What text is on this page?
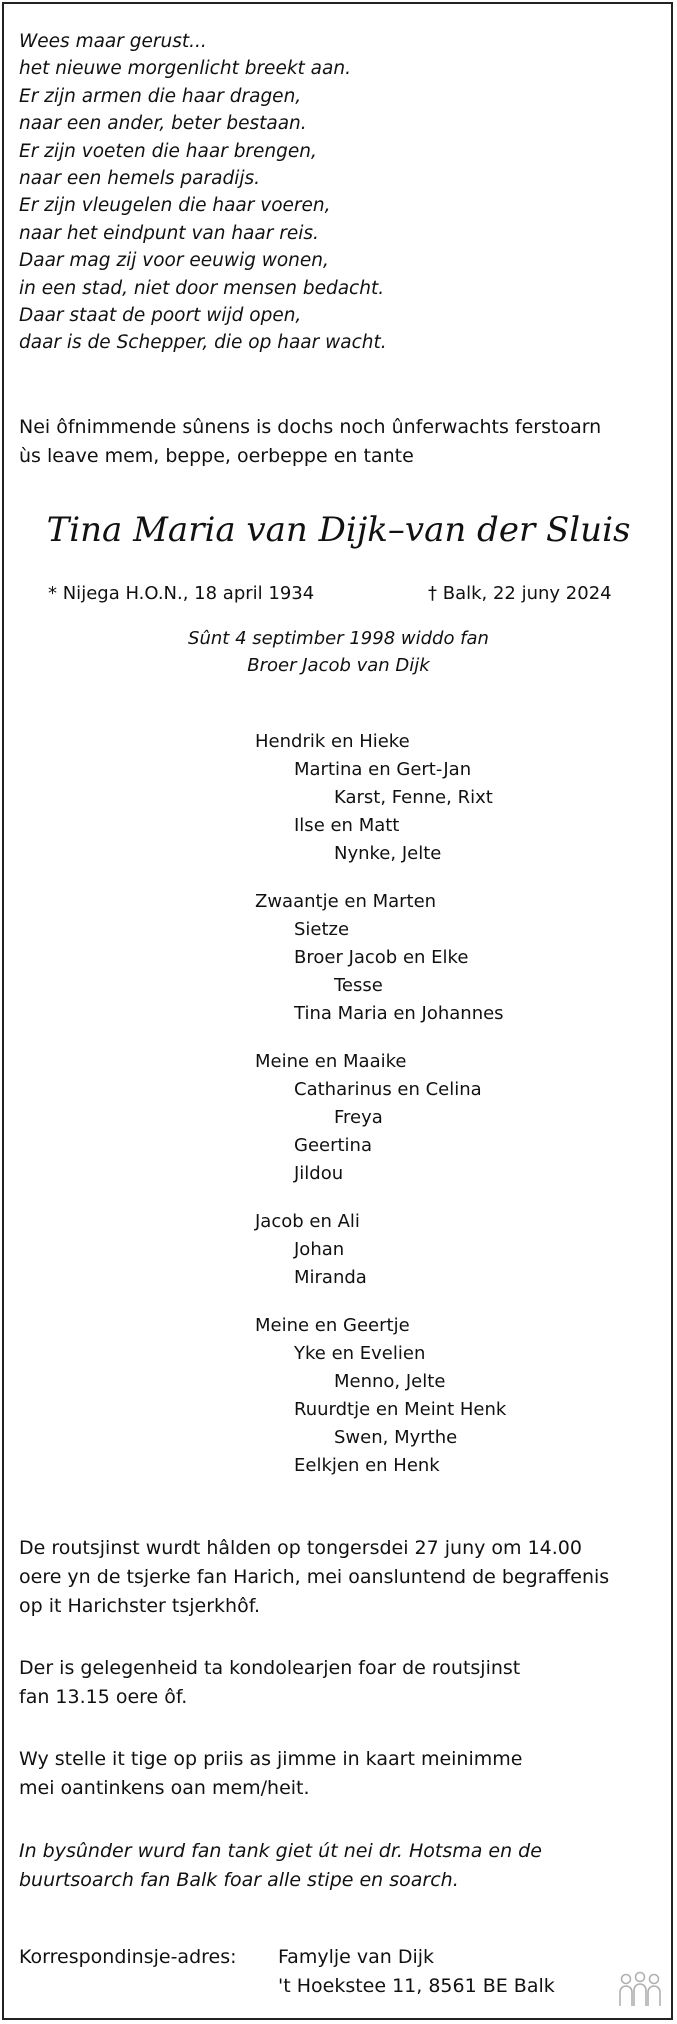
Wees maar gerust...
het nieuwe morgenlicht breekt aan.
Er zijn armen die haar dragen,
naar een ander, beter bestaan.
Er zijn voeten die haar brengen,
naar een hemels paradijs.
Er zijn vleugelen die haar voeren,
naar het eindpunt van haar reis.
Daar mag zij voor eeuwig wonen,
in een stad, niet door mensen bedacht.
Daar staat de poort wijd open,
daar is de Schepper, die op haar wacht.
Nei ôfnimmende sûnens is dochs noch ûnferwachts ferstoarn
ùs leave mem, beppe, oerbeppe en tante
Tina Maria van Dijk–van der Sluis
* Nijega H.O.N., 18 april 1934	† Balk, 22 juny 2024
Sûnt 4 septimber 1998 widdo fan
Broer Jacob van Dijk
Hendrik en Hieke
Martina en Gert-Jan
Karst, Fenne, Rixt
Ilse en Matt
Nynke, Jelte
Zwaantje en Marten
Sietze
Broer Jacob en Elke
Tesse
Tina Maria en Johannes
Meine en Maaike
Catharinus en Celina
Freya
Geertina
Jildou
Jacob en Ali
Johan
Miranda
Meine en Geertje
Yke en Evelien
Menno, Jelte
Ruurdtje en Meint Henk
Swen, Myrthe
Eelkjen en Henk
De routsjinst wurdt hâlden op tongersdei 27 juny om 14.00
oere yn de tsjerke fan Harich, mei oansluntend de begraffenis
op it Harichster tsjerkhôf.
Der is gelegenheid ta kondolearjen foar de routsjinst
fan 13.15 oere ôf.
Wy stelle it tige op priis as jimme in kaart meinimme
mei oantinkens oan mem/heit.
In bysûnder wurd fan tank giet út nei dr. Hotsma en de
buurtsoarch fan Balk foar alle stipe en soarch.
Korrespondinsje-adres: Famylje van Dijk
't Hoekstee 11, 8561 BE Balk
